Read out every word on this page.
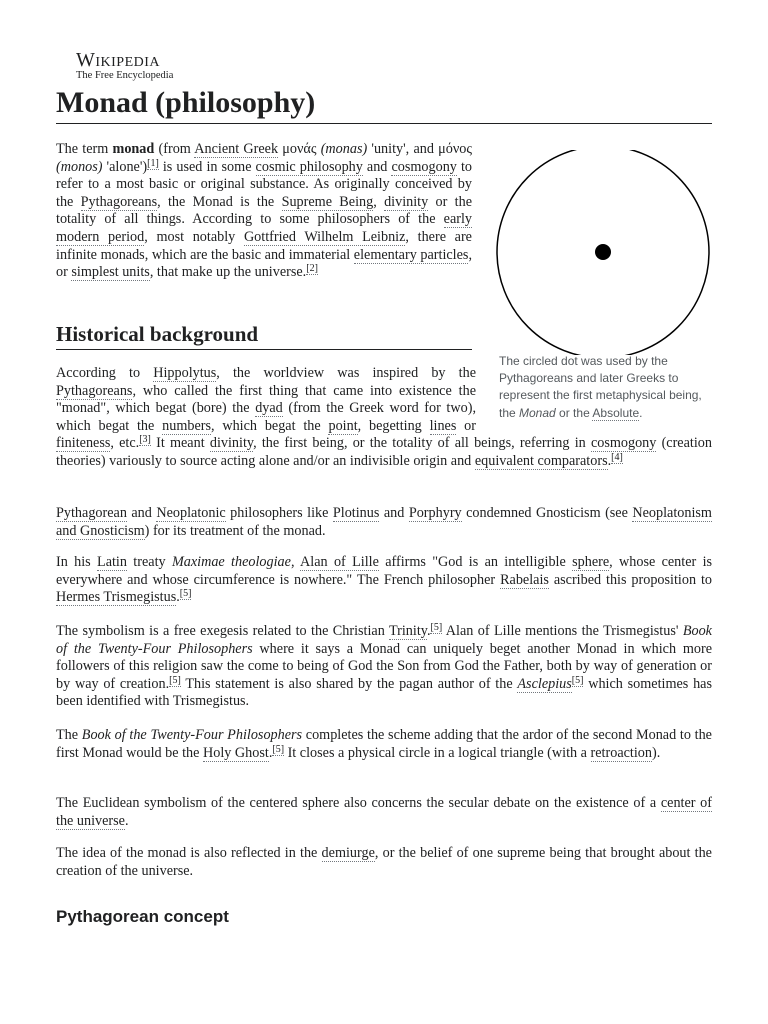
Wikipedia
The Free Encyclopedia
Monad (philosophy)

The term monad (from Ancient Greek μονάς (monas) 'unity', and μόνος (monos) 'alone')[1] is used in some cosmic philosophy and cosmogony to refer to a most basic or original substance. As originally conceived by the Pythagoreans, the Monad is the Supreme Being, divinity or the totality of all things. According to some philosophers of the early modern period, most notably Gottfried Wilhelm Leibniz, there are infinite monads, which are the basic and immaterial elementary particles, or simplest units, that make up the universe.[2]

The circled dot was used by the Pythagoreans and later Greeks to represent the first metaphysical being, the Monad or the Absolute.
Historical background

According to Hippolytus, the worldview was inspired by the Pythagoreans, who called the first thing that came into existence the "monad", which begat (bore) the dyad (from the Greek word for two), which begat the numbers, which begat the point, begetting lines or finiteness, etc.[3] It meant divinity, the first being, or the totality of all beings, referring in cosmogony (creation theories) variously to source acting alone and/or an indivisible origin and equivalent comparators.[4]

Pythagorean and Neoplatonic philosophers like Plotinus and Porphyry condemned Gnosticism (see Neoplatonism and Gnosticism) for its treatment of the monad.

In his Latin treaty Maximae theologiae, Alan of Lille affirms "God is an intelligible sphere, whose center is everywhere and whose circumference is nowhere." The French philosopher Rabelais ascribed this proposition to Hermes Trismegistus.[5]

The symbolism is a free exegesis related to the Christian Trinity.[5] Alan of Lille mentions the Trismegistus' Book of the Twenty-Four Philosophers where it says a Monad can uniquely beget another Monad in which more followers of this religion saw the come to being of God the Son from God the Father, both by way of generation or by way of creation.[5] This statement is also shared by the pagan author of the Asclepius[5] which sometimes has been identified with Trismegistus.

The Book of the Twenty-Four Philosophers completes the scheme adding that the ardor of the second Monad to the first Monad would be the Holy Ghost.[5] It closes a physical circle in a logical triangle (with a retroaction).

The Euclidean symbolism of the centered sphere also concerns the secular debate on the existence of a center of the universe.

The idea of the monad is also reflected in the demiurge, or the belief of one supreme being that brought about the creation of the universe.

Pythagorean concept
